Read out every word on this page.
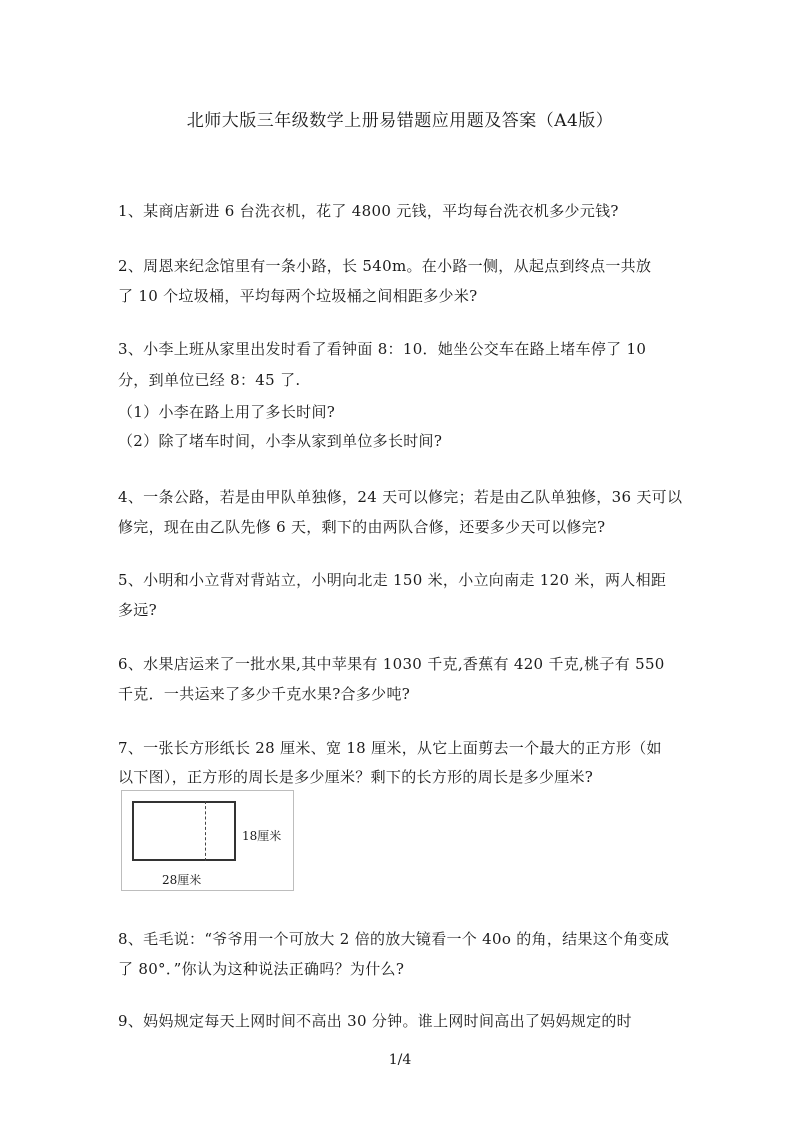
北师大版三年级数学上册易错题应用题及答案（A4版）
1、某商店新进 6 台洗衣机，花了 4800 元钱，平均每台洗衣机多少元钱?
2、周恩来纪念馆里有一条小路，长 540m。在小路一侧，从起点到终点一共放
了 10 个垃圾桶，平均每两个垃圾桶之间相距多少米?
3、小李上班从家里出发时看了看钟面 8：10．她坐公交车在路上堵车停了 10
分，到单位已经 8：45 了.
（1）小李在路上用了多长时间?
（2）除了堵车时间，小李从家到单位多长时间?
4、一条公路，若是由甲队单独修，24 天可以修完；若是由乙队单独修，36 天可以
修完，现在由乙队先修 6 天，剩下的由两队合修，还要多少天可以修完?
5、小明和小立背对背站立，小明向北走 150 米，小立向南走 120 米，两人相距
多远?
6、水果店运来了一批水果,其中苹果有 1030 千克,香蕉有 420 千克,桃子有 550
千克．一共运来了多少千克水果?合多少吨?
7、一张长方形纸长 28 厘米、宽 18 厘米，从它上面剪去一个最大的正方形（如
以下图），正方形的周长是多少厘米？剩下的长方形的周长是多少厘米?
18厘米
28厘米
8、毛毛说：“爷爷用一个可放大 2 倍的放大镜看一个 40o 的角，结果这个角变成
了 80°．”你认为这种说法正确吗？为什么?
9、妈妈规定每天上网时间不高出 30 分钟。谁上网时间高出了妈妈规定的时
1/4
